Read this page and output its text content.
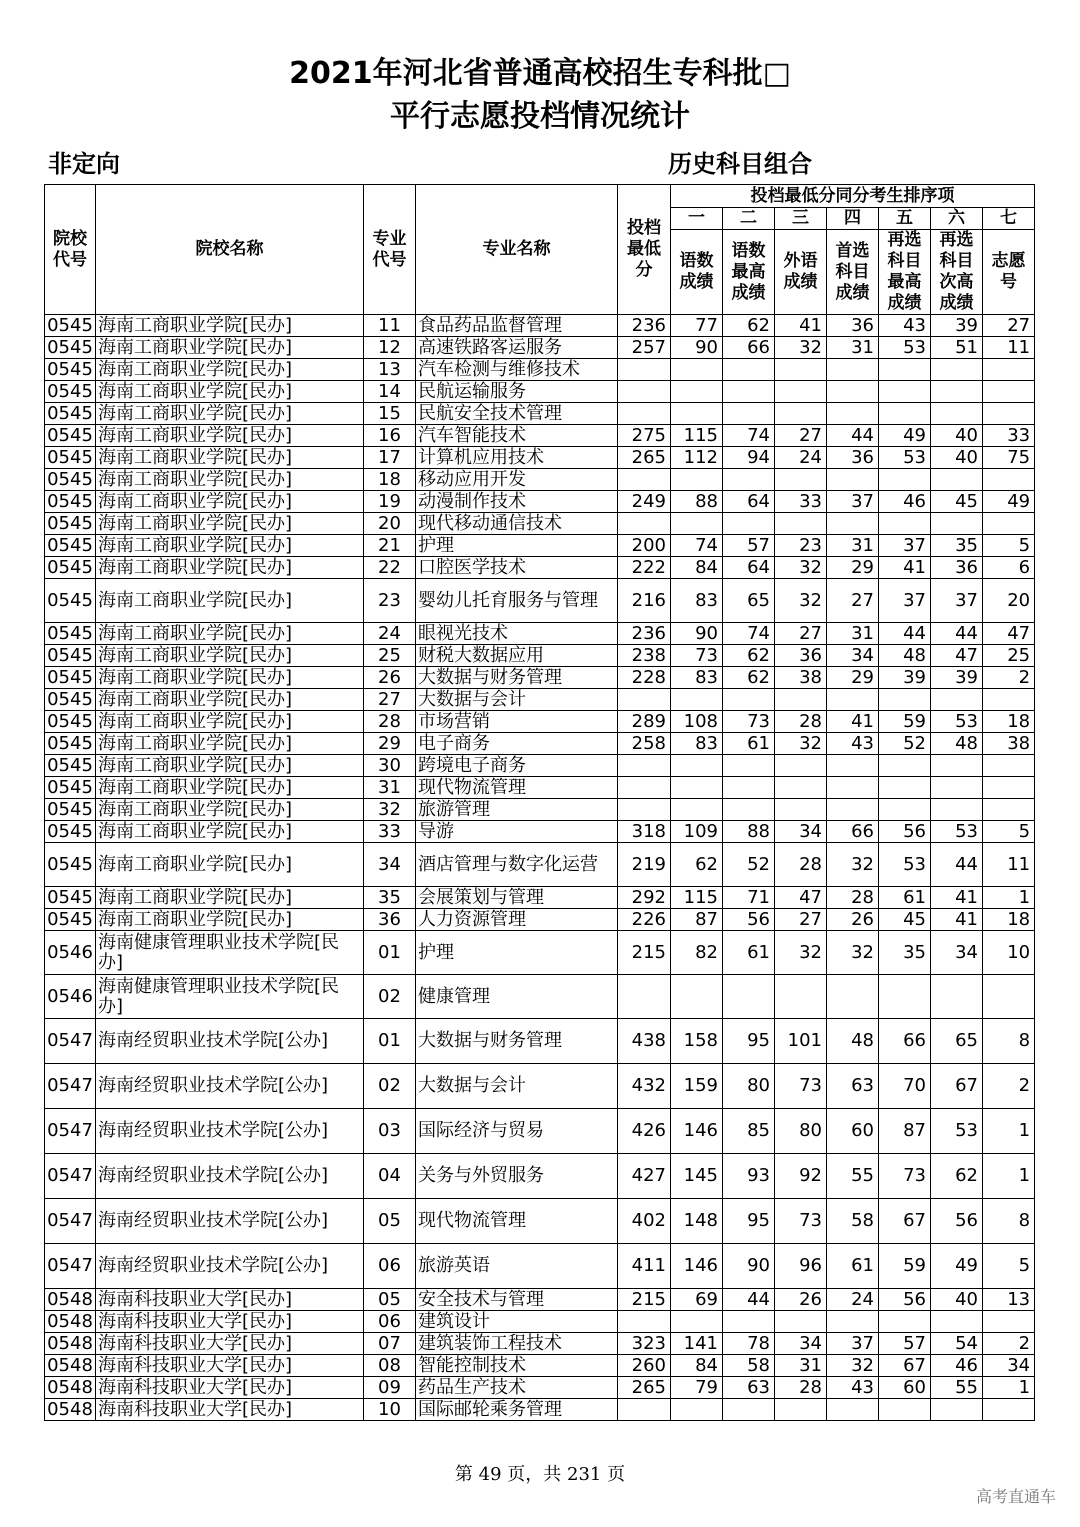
2021年河北省普通高校招生专科批□
平行志愿投档情况统计
非定向	历史科目组合
院校代号	院校名称	专业代号	专业名称	投档最低分	投档最低分同分考生排序项						
					一	二	三	四	五	六	七
					语数成绩	语数最高成绩	外语成绩	首选科目成绩	再选科目最高成绩	再选科目次高成绩	志愿号
0545	海南工商职业学院[民办]	11	食品药品监督管理	236	77	62	41	36	43	39	27
0545	海南工商职业学院[民办]	12	高速铁路客运服务	257	90	66	32	31	53	51	11
0545	海南工商职业学院[民办]	13	汽车检测与维修技术								
0545	海南工商职业学院[民办]	14	民航运输服务								
0545	海南工商职业学院[民办]	15	民航安全技术管理								
0545	海南工商职业学院[民办]	16	汽车智能技术	275	115	74	27	44	49	40	33
0545	海南工商职业学院[民办]	17	计算机应用技术	265	112	94	24	36	53	40	75
0545	海南工商职业学院[民办]	18	移动应用开发								
0545	海南工商职业学院[民办]	19	动漫制作技术	249	88	64	33	37	46	45	49
0545	海南工商职业学院[民办]	20	现代移动通信技术								
0545	海南工商职业学院[民办]	21	护理	200	74	57	23	31	37	35	5
0545	海南工商职业学院[民办]	22	口腔医学技术	222	84	64	32	29	41	36	6
0545	海南工商职业学院[民办]	23	婴幼儿托育服务与管理	216	83	65	32	27	37	37	20
0545	海南工商职业学院[民办]	24	眼视光技术	236	90	74	27	31	44	44	47
0545	海南工商职业学院[民办]	25	财税大数据应用	238	73	62	36	34	48	47	25
0545	海南工商职业学院[民办]	26	大数据与财务管理	228	83	62	38	29	39	39	2
0545	海南工商职业学院[民办]	27	大数据与会计								
0545	海南工商职业学院[民办]	28	市场营销	289	108	73	28	41	59	53	18
0545	海南工商职业学院[民办]	29	电子商务	258	83	61	32	43	52	48	38
0545	海南工商职业学院[民办]	30	跨境电子商务								
0545	海南工商职业学院[民办]	31	现代物流管理								
0545	海南工商职业学院[民办]	32	旅游管理								
0545	海南工商职业学院[民办]	33	导游	318	109	88	34	66	56	53	5
0545	海南工商职业学院[民办]	34	酒店管理与数字化运营	219	62	52	28	32	53	44	11
0545	海南工商职业学院[民办]	35	会展策划与管理	292	115	71	47	28	61	41	1
0545	海南工商职业学院[民办]	36	人力资源管理	226	87	56	27	26	45	41	18
0546	海南健康管理职业技术学院[民办]	01	护理	215	82	61	32	32	35	34	10
0546	海南健康管理职业技术学院[民办]	02	健康管理								
0547	海南经贸职业技术学院[公办]	01	大数据与财务管理	438	158	95	101	48	66	65	8
0547	海南经贸职业技术学院[公办]	02	大数据与会计	432	159	80	73	63	70	67	2
0547	海南经贸职业技术学院[公办]	03	国际经济与贸易	426	146	85	80	60	87	53	1
0547	海南经贸职业技术学院[公办]	04	关务与外贸服务	427	145	93	92	55	73	62	1
0547	海南经贸职业技术学院[公办]	05	现代物流管理	402	148	95	73	58	67	56	8
0547	海南经贸职业技术学院[公办]	06	旅游英语	411	146	90	96	61	59	49	5
0548	海南科技职业大学[民办]	05	安全技术与管理	215	69	44	26	24	56	40	13
0548	海南科技职业大学[民办]	06	建筑设计								
0548	海南科技职业大学[民办]	07	建筑装饰工程技术	323	141	78	34	37	57	54	2
0548	海南科技职业大学[民办]	08	智能控制技术	260	84	58	31	32	67	46	34
0548	海南科技职业大学[民办]	09	药品生产技术	265	79	63	28	43	60	55	1
0548	海南科技职业大学[民办]	10	国际邮轮乘务管理								
第 49 页，共 231 页
高考直通车
